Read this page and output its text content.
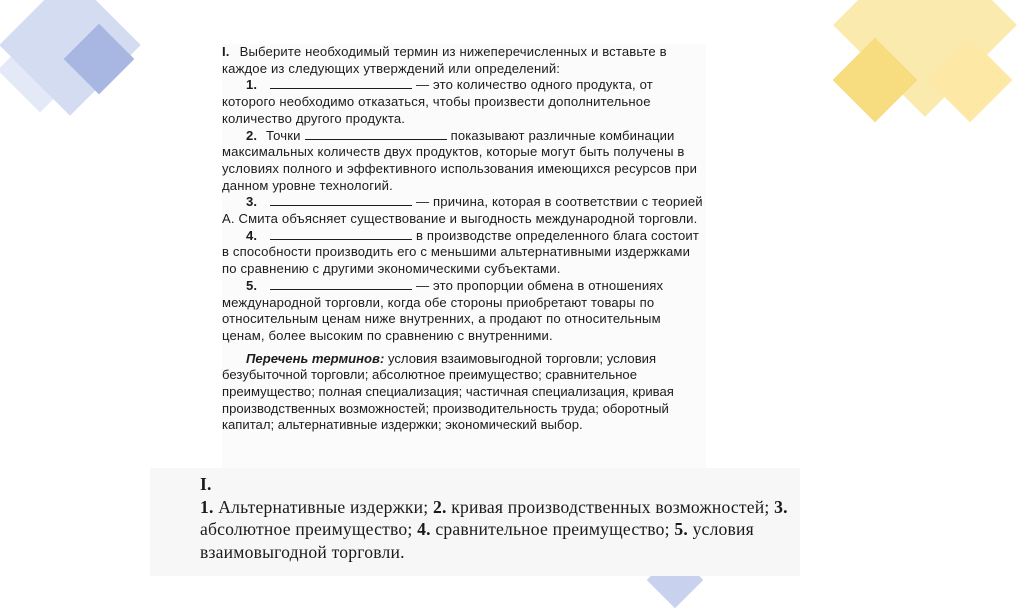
I. Выберите необходимый термин из нижеперечисленных и вставьте в каждое из следующих утверждений или определений:

1.	— это количество одного продукта, от которого необходимо отказаться, чтобы произвести дополнительное количество другого продукта.

2. Точки	показывают различные комбинации максимальных количеств двух продуктов, которые могут быть получены в условиях полного и эффективного использования имеющихся ресурсов при данном уровне технологий.

3.	— причина, которая в соответствии с теорией А. Смита объясняет существование и выгодность международной торговли.

4.	в производстве определенного блага состоит в способности производить его с меньшими альтернативными издержками по сравнению с другими экономическими субъектами.

5.	— это пропорции обмена в отношениях международной торговли, когда обе стороны приобретают товары по относительным ценам ниже внутренних, а продают по относительным ценам, более высоким по сравнению с внутренними.

Перечень терминов: условия взаимовыгодной торговли; условия безубыточной торговли; абсолютное преимущество; сравнительное преимущество; полная специализация; частичная специализация, кривая производственных возможностей; производительность труда; оборотный капитал; альтернативные издержки; экономический выбор.

I.

1. Альтернативные издержки; 2. кривая производственных возможностей; 3. абсолютное преимущество; 4. сравнительное преимущество; 5. условия взаимовыгодной торговли.
